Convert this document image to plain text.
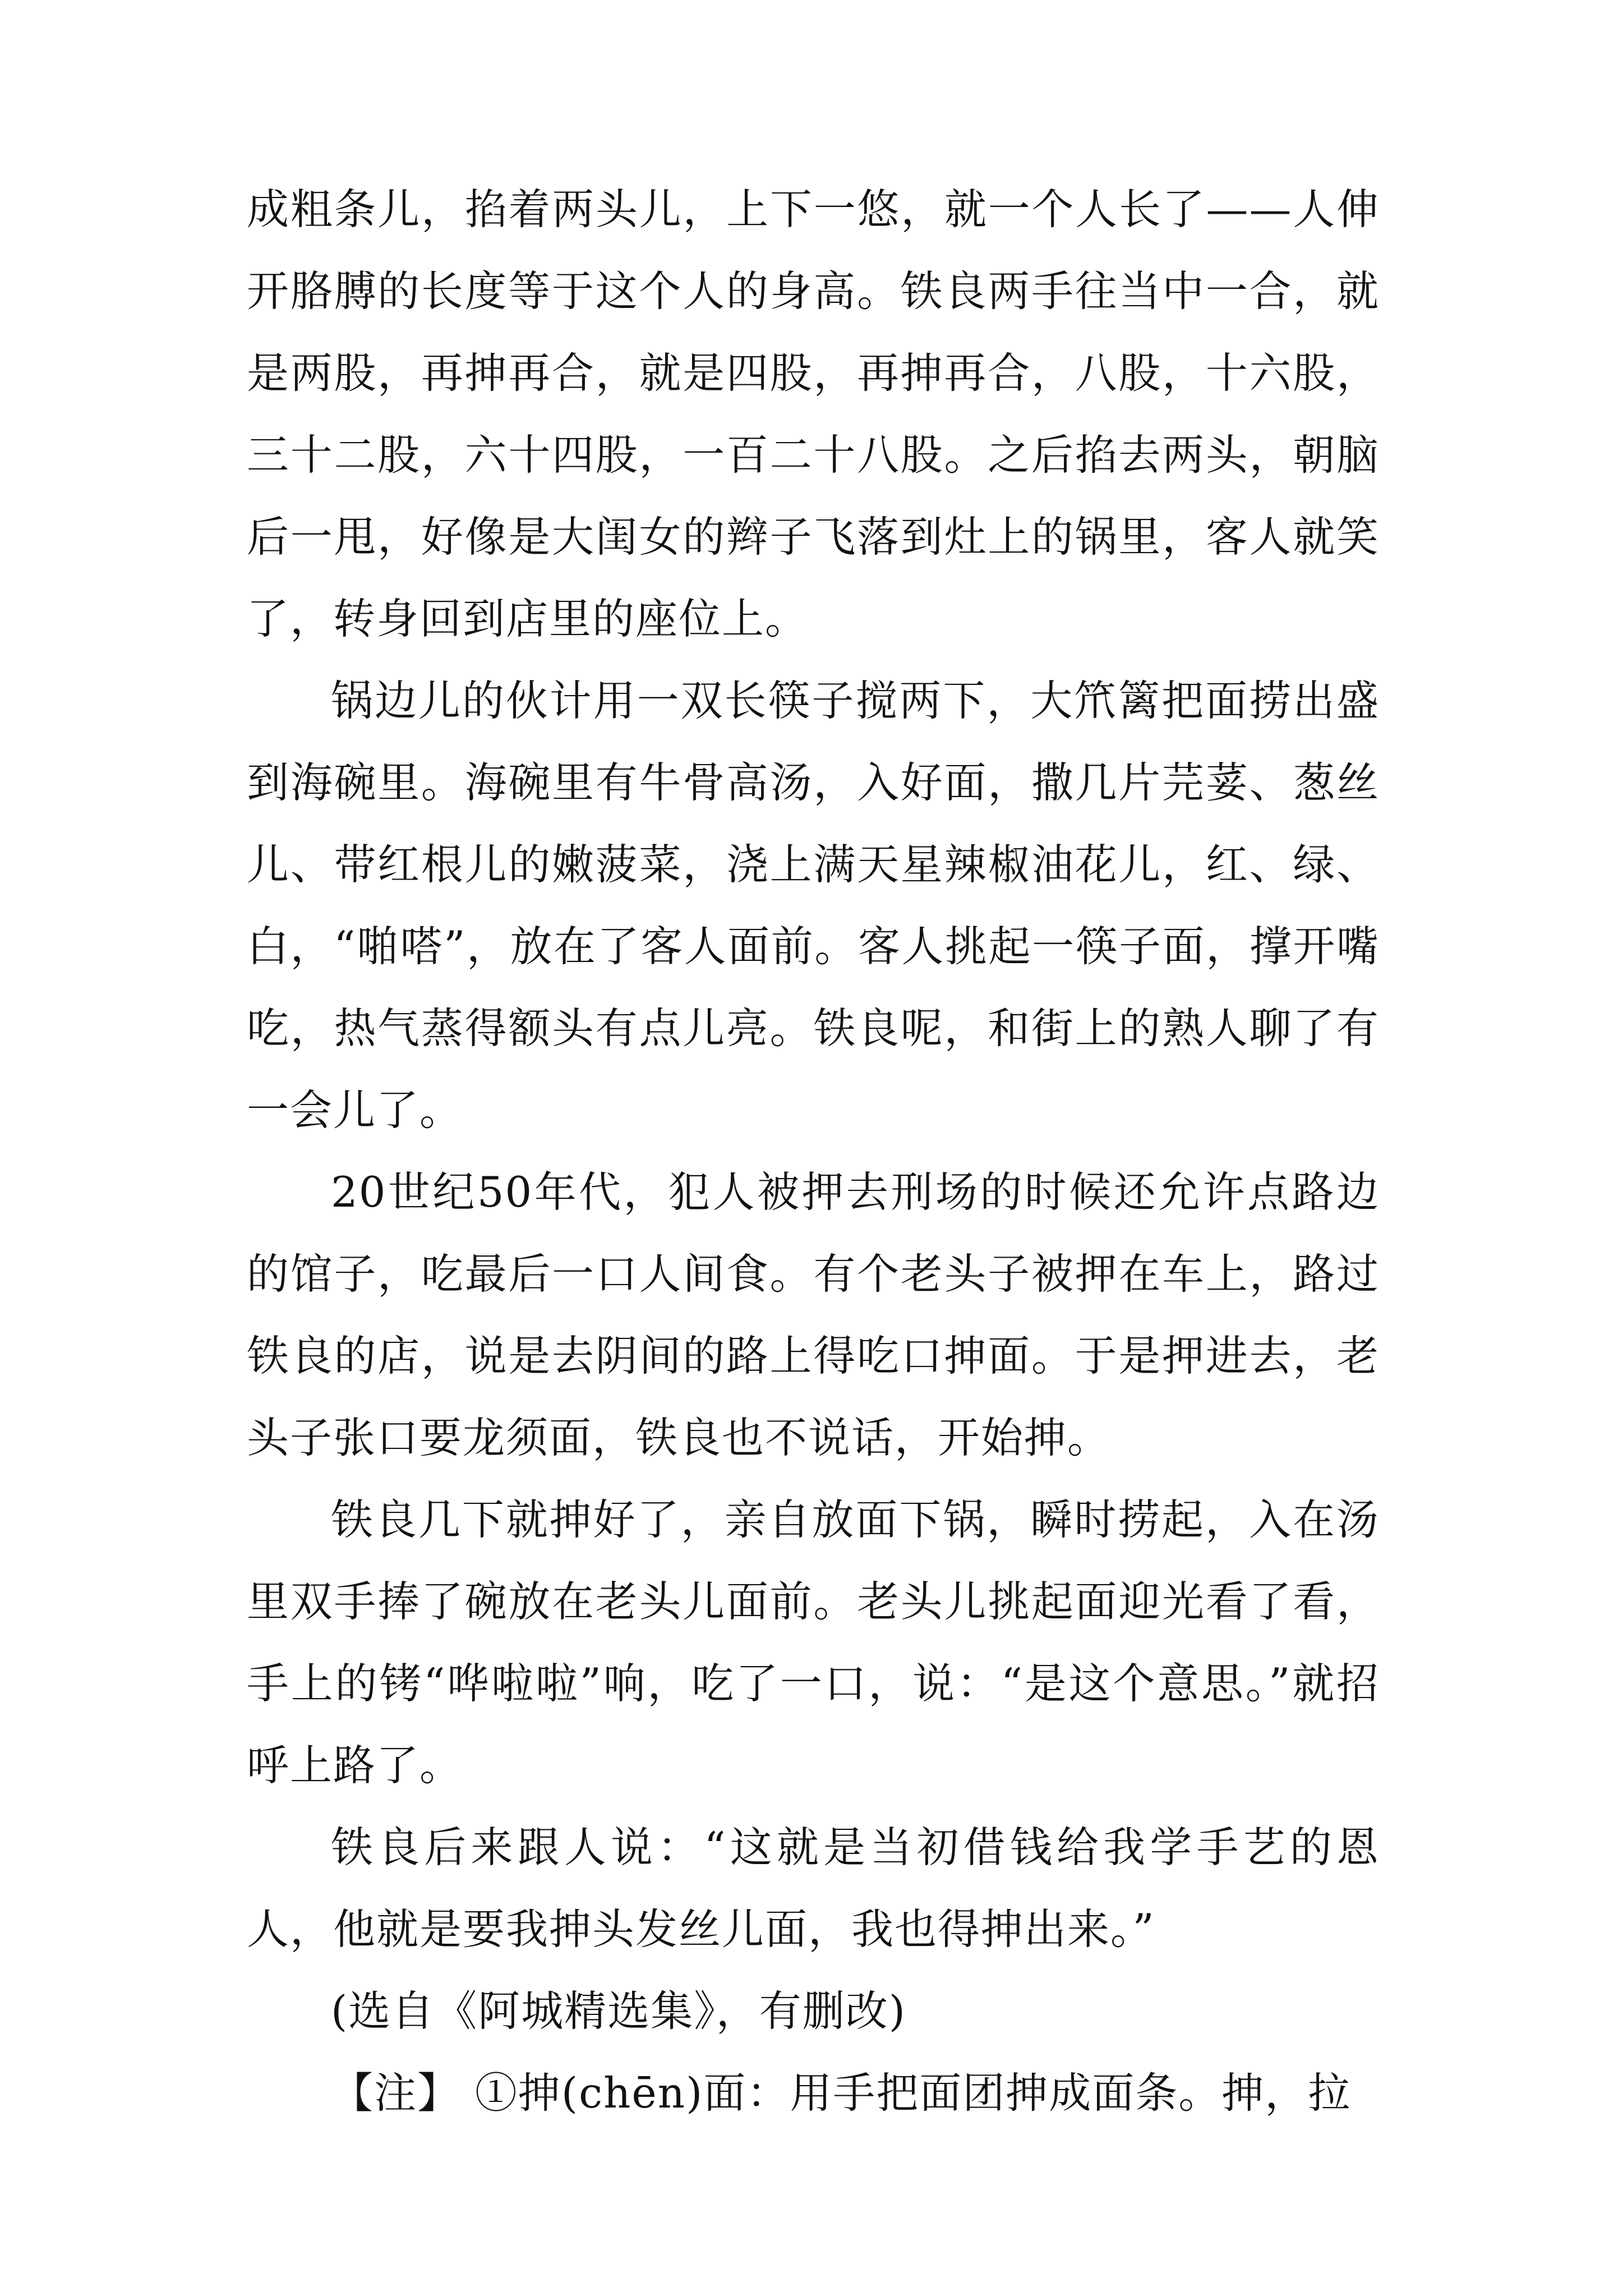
成粗条儿，掐着两头儿，上下一悠，就一个人长了——人伸开胳膊的长度等于这个人的身高。铁良两手往当中一合，就是两股，再抻再合，就是四股，再抻再合，八股，十六股，三十二股，六十四股，一百二十八股。之后掐去两头，朝脑后一甩，好像是大闺女的辫子飞落到灶上的锅里，客人就笑了，转身回到店里的座位上。

锅边儿的伙计用一双长筷子搅两下，大笊篱把面捞出盛到海碗里。海碗里有牛骨高汤，入好面，撒几片芫荽、葱丝儿、带红根儿的嫩菠菜，浇上满天星辣椒油花儿，红、绿、白，“啪嗒”，放在了客人面前。客人挑起一筷子面，撑开嘴吃，热气蒸得额头有点儿亮。铁良呢，和街上的熟人聊了有一会儿了。

20世纪50年代，犯人被押去刑场的时候还允许点路边的馆子，吃最后一口人间食。有个老头子被押在车上，路过铁良的店，说是去阴间的路上得吃口抻面。于是押进去，老头子张口要龙须面，铁良也不说话，开始抻。

铁良几下就抻好了，亲自放面下锅，瞬时捞起，入在汤里双手捧了碗放在老头儿面前。老头儿挑起面迎光看了看，手上的铐“哗啦啦”响，吃了一口，说：“是这个意思。”就招呼上路了。

铁良后来跟人说：“这就是当初借钱给我学手艺的恩人，他就是要我抻头发丝儿面，我也得抻出来。”

(选自《阿城精选集》，有删改)

【注】 ①抻(chēn)面：用手把面团抻成面条。抻，拉
